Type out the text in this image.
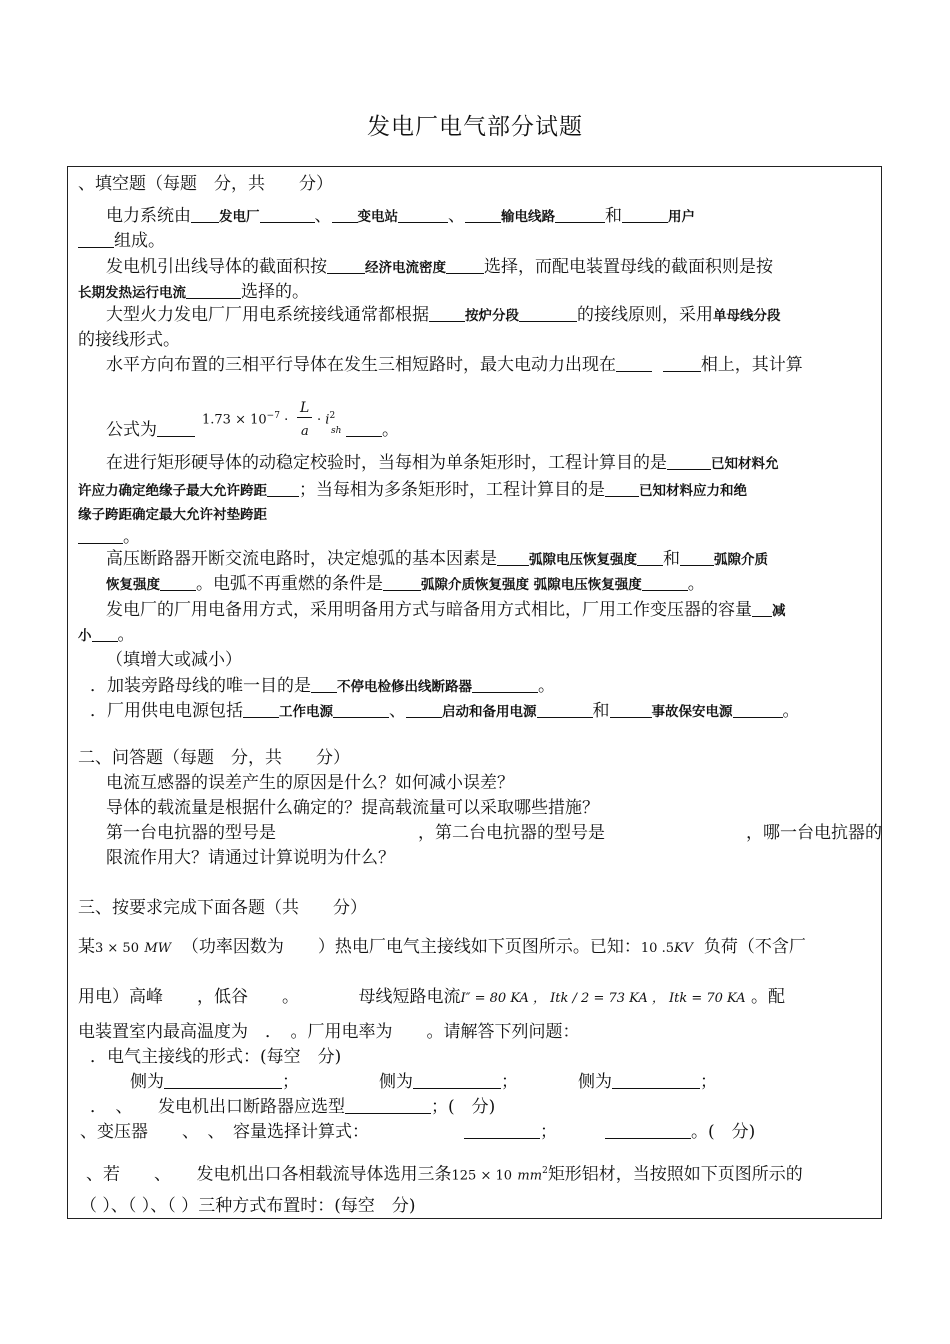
发电厂电气部分试题
、填空题（每题　分，共　　分）
电力系统由 发电厂	、 变电站	、	输电线路	和	用户
组成。
发电机引出线导体的截面积按	经济电流密度 选择，而配电装置母线的截面积则是按
长期发热运行电流	选择的。
大型火力发电厂厂用电系统接线通常都根据	按炉分段	的接线原则，采用单母线分段
的接线形式。
水平方向布置的三相平行导体在发生三相短路时，最大电动力出现在	相上，其计算
公式为
$1.73 \times 10^{-7}$ ·
L
a
· $i^2$
sh	。
在进行矩形硬导体的动稳定校验时，当每相为单条矩形时，工程计算目的是	已知材料允
许应力确定绝缘子最大允许跨距 ；当每相为多条矩形时，工程计算目的是	已知材料应力和绝
缘子跨距确定最大允许衬垫跨距
。
高压断路器开断交流电路时，决定熄弧的基本因素是 弧隙电压恢复强度 和	弧隙介质
恢复强度 。电弧不再重燃的条件是	弧隙介质恢复强度 弧隙电压恢复强度	。
发电厂的厂用电备用方式，采用明备用方式与暗备用方式相比，厂用工作变压器的容量 减
小 。
（填增大或减小）
．加装旁路母线的唯一目的是 不停电检修出线断路器	。
．厂用供电电源包括	工作电源	、	启动和备用电源	和	事故保安电源	。
二、问答题（每题　分，共　　分）
电流互感器的误差产生的原因是什么？如何减小误差？
导体的载流量是根据什么确定的？提高载流量可以采取哪些措施？
第一台电抗器的型号是	，第二台电抗器的型号是	，哪一台电抗器的
限流作用大？请通过计算说明为什么？
三、按要求完成下面各题（共　　分）
某3 × 50 MW （功率因数为　　）热电厂电气主接线如下页图所示。已知：10 .5KV 负荷（不含厂
用电）高峰　　，低谷　　。　　　　母线短路电流I″ = 80 KA ， Itk / 2 = 73 KA ， Itk = 70 KA 。配
电装置室内最高温度为　．　。厂用电率为　　。请解答下列问题：
．电气主接线的形式：(每空　分)
侧为	；	侧为	；	侧为	；
．　、　　发电机出口断路器应选型	；(　分)
、变压器　　、　、　容量选择计算式：	；	。(　分)
、若　　、　　发电机出口各相载流导体选用三条125 × 10 $mm^2$矩形铝材，当按照如下页图所示的
（ ）、（ ）、（ ）三种方式布置时：(每空　分)
